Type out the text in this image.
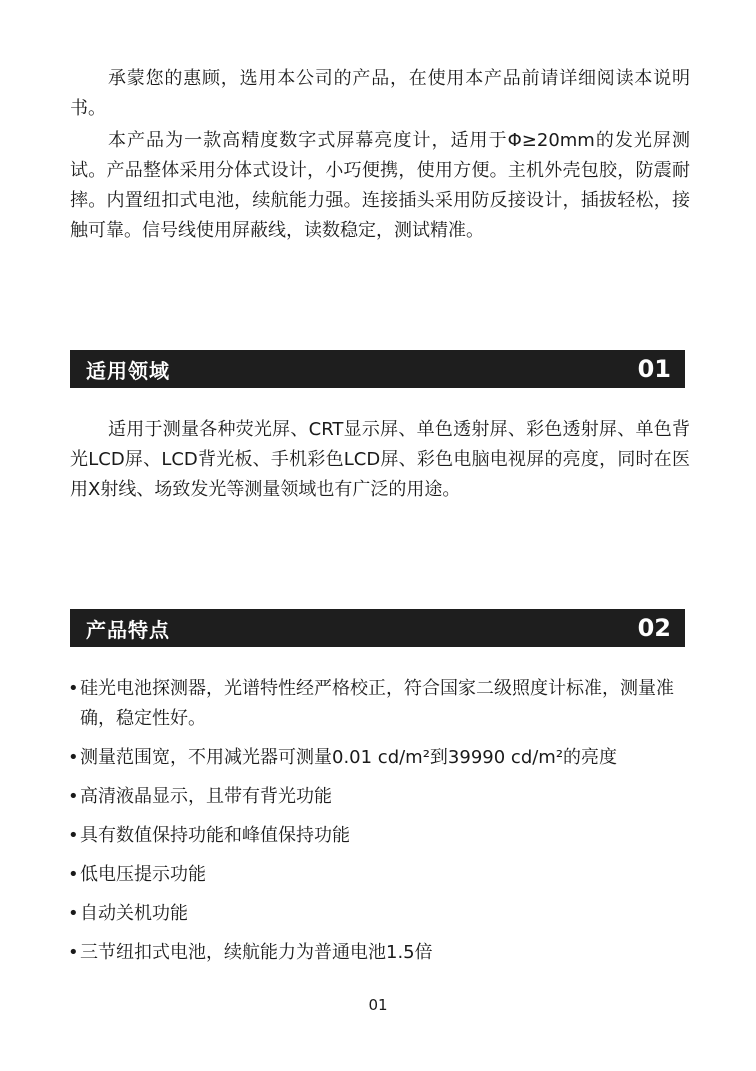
承蒙您的惠顾，选用本公司的产品，在使用本产品前请详细阅读本说明书。

本产品为一款高精度数字式屏幕亮度计，适用于Φ≥20mm的发光屏测试。产品整体采用分体式设计，小巧便携，使用方便。主机外壳包胶，防震耐摔。内置纽扣式电池，续航能力强。连接插头采用防反接设计，插拔轻松，接触可靠。信号线使用屏蔽线，读数稳定，测试精准。

适用领域	01

适用于测量各种荧光屏、CRT显示屏、单色透射屏、彩色透射屏、单色背光LCD屏、LCD背光板、手机彩色LCD屏、彩色电脑电视屏的亮度，同时在医用X射线、场致发光等测量领域也有广泛的用途。

产品特点	02
• 硅光电池探测器，光谱特性经严格校正，符合国家二级照度计标准，测量准确，稳定性好。
• 测量范围宽，不用减光器可测量0.01 cd/m²到39990 cd/m²的亮度
• 高清液晶显示，且带有背光功能
• 具有数值保持功能和峰值保持功能
• 低电压提示功能
• 自动关机功能
• 三节纽扣式电池，续航能力为普通电池1.5倍
01
